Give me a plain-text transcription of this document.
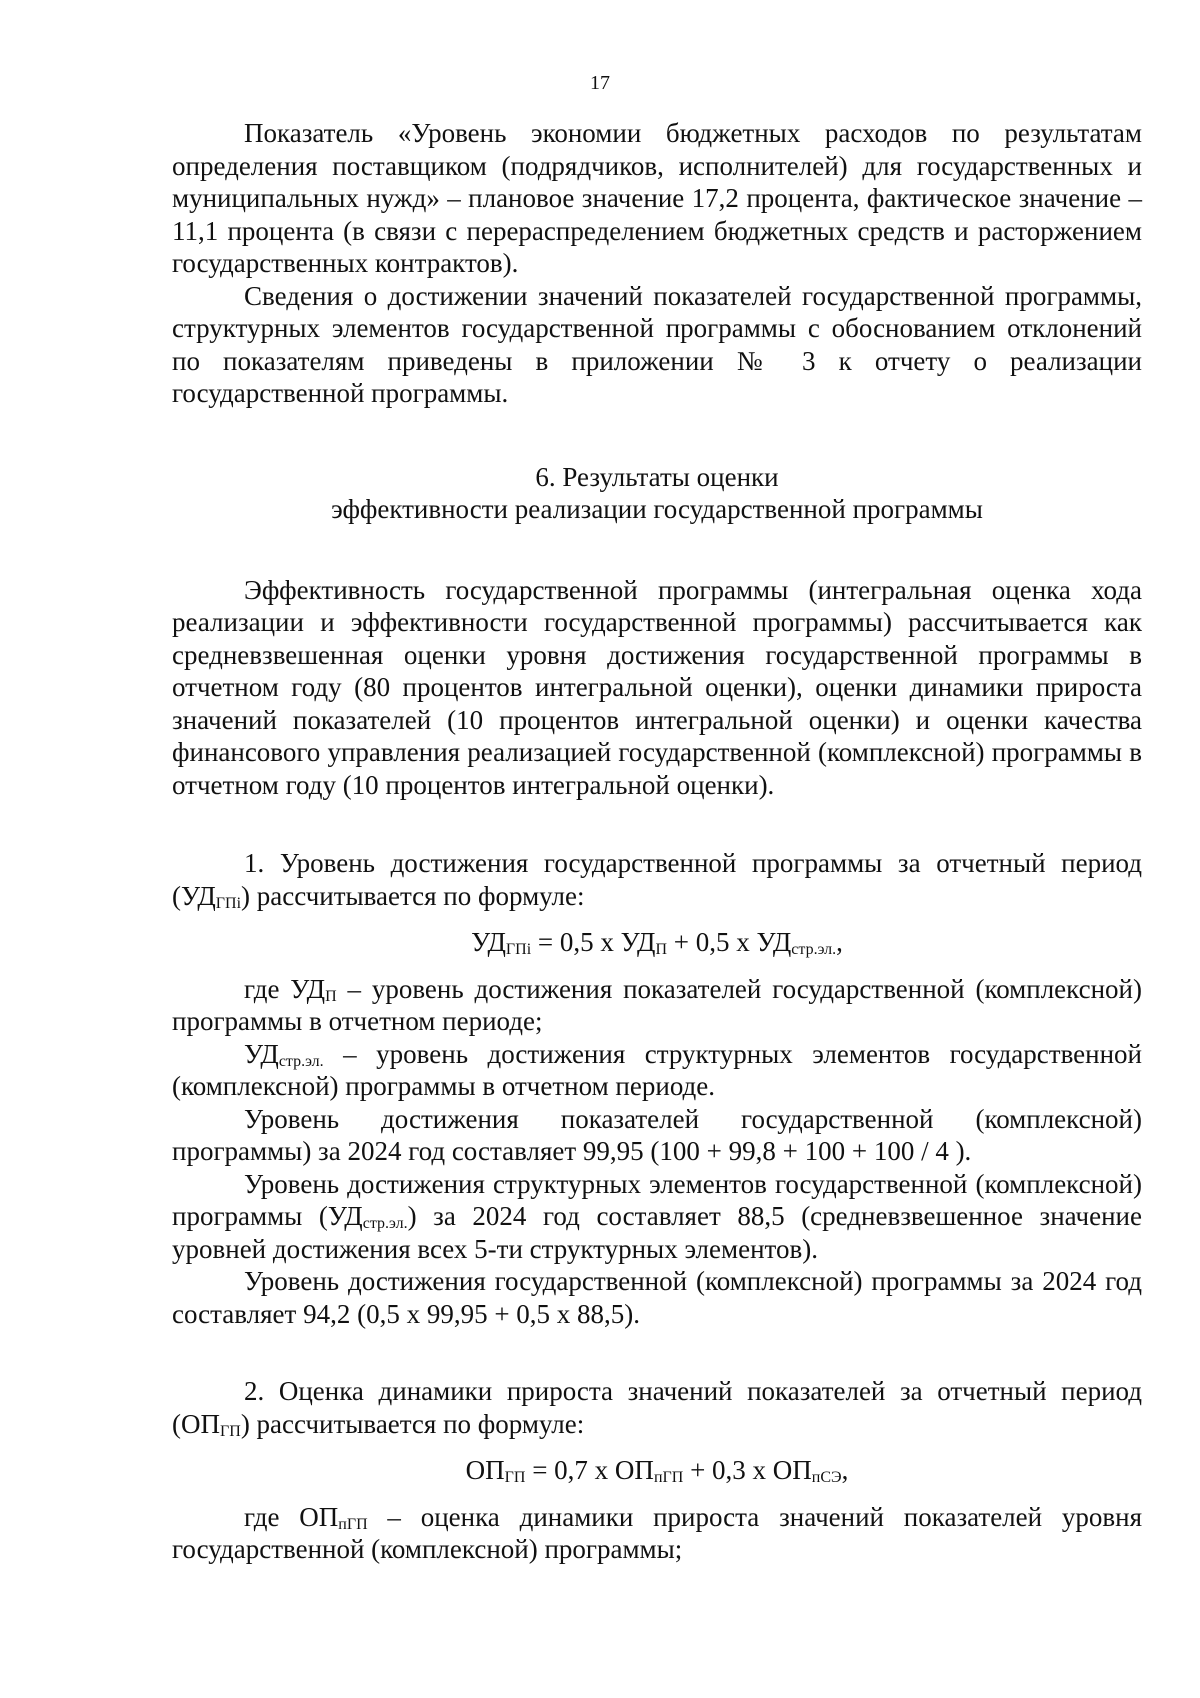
17

Показатель «Уровень экономии бюджетных расходов по результатам определения поставщиком (подрядчиков, исполнителей) для государственных и муниципальных нужд» – плановое значение 17,2 процента, фактическое значение – 11,1 процента (в связи с перераспределением бюджетных средств и расторжением государственных контрактов).

Сведения о достижении значений показателей государственной программы, структурных элементов государственной программы с обоснованием отклонений по показателям приведены в приложении № 3 к отчету о реализации государственной программы.

6. Результаты оценки

эффективности реализации государственной программы

Эффективность государственной программы (интегральная оценка хода реализации и эффективности государственной программы) рассчитывается как средневзвешенная оценки уровня достижения государственной программы в отчетном году (80 процентов интегральной оценки), оценки динамики прироста значений показателей (10 процентов интегральной оценки) и оценки качества финансового управления реализацией государственной (комплексной) программы в отчетном году (10 процентов интегральной оценки).

1. Уровень достижения государственной программы за отчетный период $(УД_{ГПi})$ рассчитывается по формуле:

$УД_{ГПi} = 0,5$ х $УД_П + 0,5$ х $УД_{стр.эл.}$,

где $УД_П$ – уровень достижения показателей государственной (комплексной) программы в отчетном периоде;

$УД_{стр.эл.}$ – уровень достижения структурных элементов государственной (комплексной) программы в отчетном периоде.

Уровень достижения показателей государственной (комплексной) программы) за 2024 год составляет 99,95 (100 + 99,8 + 100 + 100 / 4 ).

Уровень достижения структурных элементов государственной (комплексной) программы $(УД_{стр.эл.})$ за 2024 год составляет 88,5 (средневзвешенное значение уровней достижения всех 5-ти структурных элементов).

Уровень достижения государственной (комплексной) программы за 2024 год составляет 94,2 (0,5 х 99,95 + 0,5 х 88,5).

2. Оценка динамики прироста значений показателей за отчетный период $(ОП_{ГП})$ рассчитывается по формуле:

$ОП_{ГП} = 0,7$ х $ОП_{пГП} + 0,3$ х $ОП_{пСЭ}$,

где $ОП_{пГП}$ – оценка динамики прироста значений показателей уровня государственной (комплексной) программы;
